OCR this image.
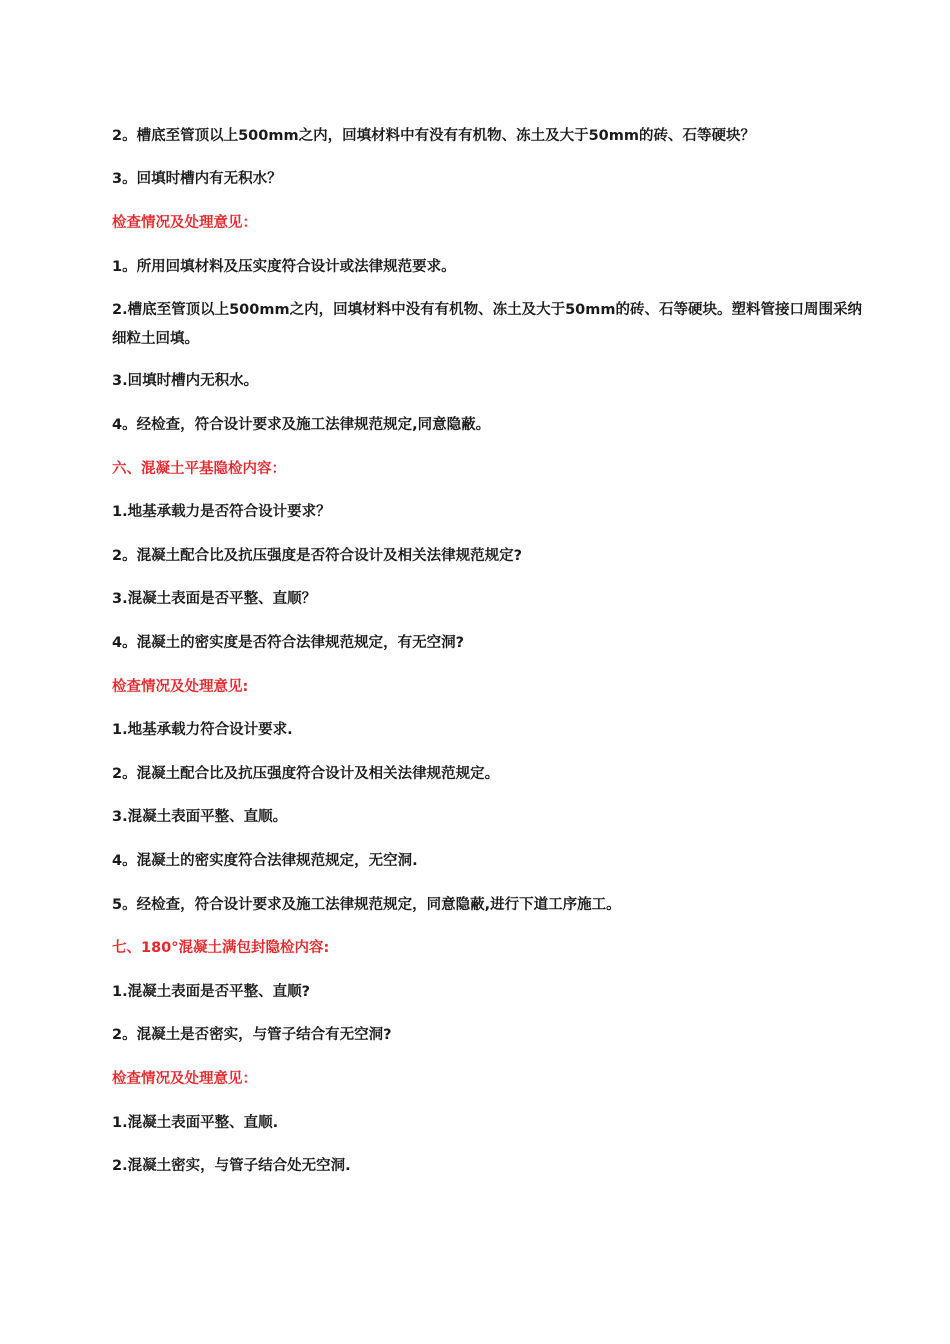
2。槽底至管顶以上500mm之内，回填材料中有没有有机物、冻土及大于50mm的砖、石等硬块？
3。回填时槽内有无积水？
检查情况及处理意见：
1。所用回填材料及压实度符合设计或法律规范要求。
2.槽底至管顶以上500mm之内，回填材料中没有有机物、冻土及大于50mm的砖、石等硬块。塑料管接口周围采纳细粒土回填。
3.回填时槽内无积水。
4。经检查，符合设计要求及施工法律规范规定,同意隐蔽。
六、混凝土平基隐检内容：
1.地基承载力是否符合设计要求？
2。混凝土配合比及抗压强度是否符合设计及相关法律规范规定?
3.混凝土表面是否平整、直顺？
4。混凝土的密实度是否符合法律规范规定，有无空洞?
检查情况及处理意见:
1.地基承载力符合设计要求.
2。混凝土配合比及抗压强度符合设计及相关法律规范规定。
3.混凝土表面平整、直顺。
4。混凝土的密实度符合法律规范规定，无空洞.
5。经检查，符合设计要求及施工法律规范规定，同意隐蔽,进行下道工序施工。
七、180°混凝土满包封隐检内容:
1.混凝土表面是否平整、直顺?
2。混凝土是否密实，与管子结合有无空洞?
检查情况及处理意见：
1.混凝土表面平整、直顺.
2.混凝土密实，与管子结合处无空洞.
